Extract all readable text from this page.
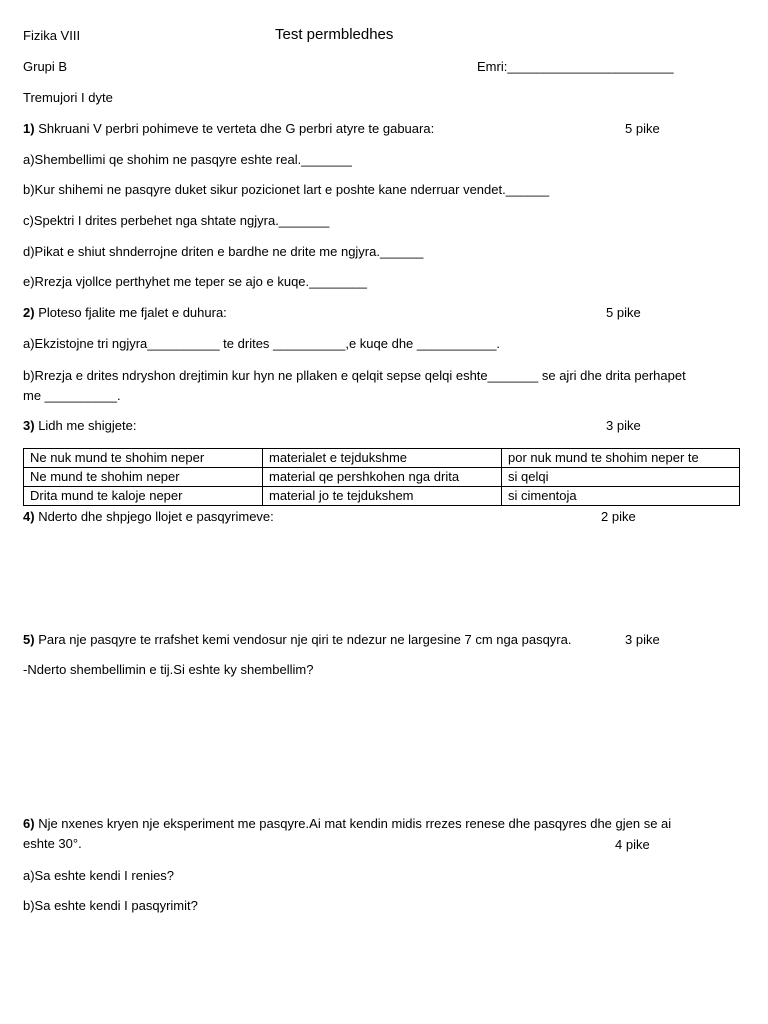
Fizika VIII	Test permbledhes
Grupi B	Emri:_______________________
Tremujori I dyte
1) Shkruani V perbri pohimeve te verteta dhe G perbri atyre te gabuara:	5 pike
a)Shembellimi qe shohim ne pasqyre eshte real._______
b)Kur shihemi ne pasqyre duket sikur pozicionet lart e poshte kane nderruar vendet.______
c)Spektri I drites perbehet nga shtate ngjyra._______
d)Pikat e shiut shnderrojne driten e bardhe ne drite me ngjyra.______
e)Rrezja vjollce perthyhet me teper se ajo e kuqe.________
2) Ploteso fjalite me fjalet e duhura:	5 pike
a)Ekzistojne tri ngjyra__________ te drites __________,e kuqe dhe ___________.
b)Rrezja e drites ndryshon drejtimin kur hyn ne pllaken e qelqit sepse qelqi eshte_______ se ajri dhe drita perhapet
me __________.
3) Lidh me shigjete:	3 pike
Ne nuk mund te shohim neper	materialet e tejdukshme	por nuk mund te shohim neper te
Ne mund te shohim neper	material qe pershkohen nga drita	si qelqi
Drita mund te kaloje neper	material jo te tejdukshem	si cimentoja
4) Nderto dhe shpjego llojet e pasqyrimeve:	2 pike
5) Para nje pasqyre te rrafshet kemi vendosur nje qiri te ndezur ne largesine 7 cm nga pasqyra.	3 pike
-Nderto shembellimin e tij.Si eshte ky shembellim?
6) Nje nxenes kryen nje eksperiment me pasqyre.Ai mat kendin midis rrezes renese dhe pasqyres dhe gjen se ai
eshte 30°.	4 pike
a)Sa eshte kendi I renies?
b)Sa eshte kendi I pasqyrimit?
